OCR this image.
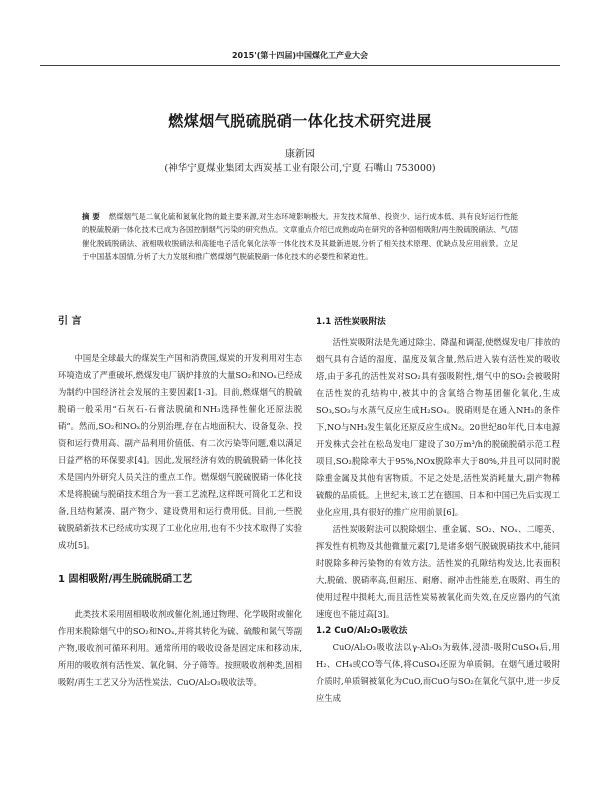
2015'(第十四届)中国煤化工产业大会
燃煤烟气脱硫脱硝一体化技术研究进展
康新园
(神华宁夏煤业集团太西炭基工业有限公司,宁夏 石嘴山 753000)
摘要 燃煤烟气是二氧化硫和氮氧化物的最主要来源,对生态环境影响极大。开发技术简单、投资少、运行成本低、具有良好运行性能的脱硫脱硝一体化技术已成为各国控制烟气污染的研究热点。文章重点介绍已成熟或尚在研究的各种固相吸附/再生脱硫脱硝法、气/固催化脱硫脱硝法、液相吸收脱硝法和高能电子活化氧化法等一体化技术及其最新进展,分析了相关技术原理、优缺点及应用前景。立足于中国基本国情,分析了大力发展和推广燃煤烟气脱硫脱硝一体化技术的必要性和紧迫性。
引 言

中国是全球最大的煤炭生产国和消费国,煤炭的开发利用对生态环境造成了严重破坏,燃煤发电厂锅炉排放的大量SO₂和NOₓ已经成为制约中国经济社会发展的主要因素[1-3]。目前,燃煤烟气的脱硫脱硝一般采用“石灰石-石膏法脱硫和NH₃选择性催化还原法脱硝”。然而,SO₂和NOₓ的分别治理,存在占地面积大、设备复杂、投资和运行费用高、副产品利用价值低、有二次污染等问题,难以满足日益严格的环保要求[4]。因此,发展经济有效的脱硫脱硝一体化技术是国内外研究人员关注的重点工作。燃煤烟气脱硫脱硝一体化技术是将脱硫与脱硝技术组合为一套工艺流程,这样既可简化工艺和设备,且结构紧凑、副产物少、建设费用和运行费用低。目前,一些脱硫脱硝新技术已经成功实现了工业化应用,也有不少技术取得了实验成功[5]。

1 固相吸附/再生脱硫脱硝工艺

此类技术采用固相吸收剂或催化剂,通过物理、化学吸附或催化作用来脱除烟气中的SO₂和NOₓ,并将其转化为硫、硫酸和氮气等副产物,吸收剂可循环利用。通常所用的吸收设备是固定床和移动床,所用的吸收剂有活性炭、氧化铜、分子筛等。按照吸收剂种类,固相吸附/再生工艺又分为活性炭法、CuO/Al₂O₃吸收法等。

1.1 活性炭吸附法

活性炭吸附法是先通过除尘、降温和调湿,使燃煤发电厂排放的烟气具有合适的湿度、温度及氧含量,然后进入装有活性炭的吸收塔,由于多孔的活性炭对SO₂具有强吸附性,烟气中的SO₂会被吸附在活性炭的孔结构中,被其中的含氧络合物基团催化氧化,生成SO₃,SO₃与水蒸气反应生成H₂SO₄。脱硝则是在通入NH₃的条件下,NO与NH₃发生氧化还原反应生成N₂。20世纪80年代,日本电源开发株式会社在松岛发电厂建设了30万m³/h的脱硫脱硝示范工程项目,SO₂脱除率大于95%,NOx脱除率大于80%,并且可以同时脱除重金属及其他有害物质。不足之处是,活性炭消耗量大,副产物稀硫酸的品质低。上世纪末,该工艺在德国、日本和中国已先后实现工业化应用,具有很好的推广应用前景[6]。

活性炭吸附法可以脱除烟尘、重金属、SO₂、NOₓ、二噁英、挥发性有机物及其他微量元素[7],是诸多烟气脱硫脱硝技术中,能同时脱除多种污染物的有效方法。活性炭的孔隙结构发达,比表面积大,脱硫、脱硝率高,但耐压、耐磨、耐冲击性能差,在吸附、再生的使用过程中损耗大,而且活性炭易被氧化而失效,在反应器内的气流速度也不能过高[3]。

1.2 CuO/Al₂O₃吸收法

CuO/Al₂O₃吸收法以γ-Al₂O₃为载体,浸渍-吸附CuSO₄后,用H₂、CH₄或CO等气体,将CuSO₄还原为单质铜。在烟气通过吸附介质时,单质铜被氧化为CuO,而CuO与SO₂在氧化气氛中,进一步反应生成
